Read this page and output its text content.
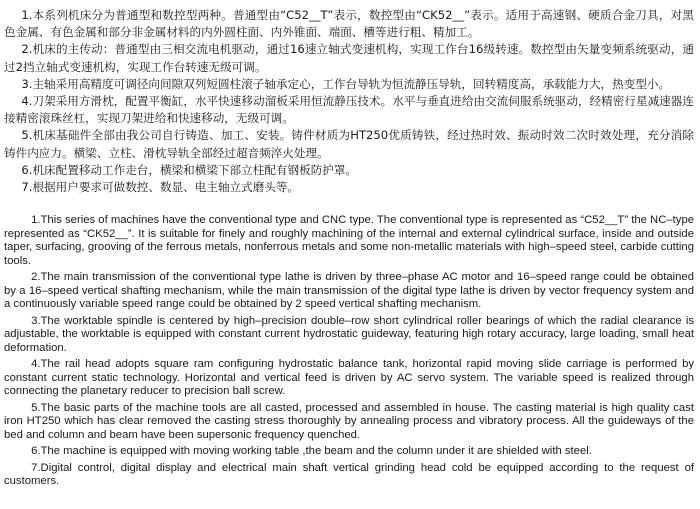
1.本系列机床分为普通型和数控型两种。普通型由“C52__T”表示，数控型由“CK52__”表示。适用于高速钢、硬质合金刀具，对黑色金属、有色金属和部分非金属材料的内外圆柱面、内外锥面、端面、槽等进行粗、精加工。

2.机床的主传动：普通型由三相交流电机驱动，通过16速立轴式变速机构，实现工作台16级转速。数控型由矢量变频系统驱动，通过2挡立轴式变速机构，实现工作台转速无级可调。

3.主轴采用高精度可调径向间隙双列短圆柱滚子轴承定心，工作台导轨为恒流静压导轨，回转精度高，承载能力大，热变型小。

4.刀架采用方滑枕，配置平衡缸，水平快速移动溜板采用恒流静压技术。水平与垂直进给由交流伺服系统驱动，经精密行星减速器连接精密滚珠丝杠，实现刀架进给和快速移动，无级可调。

5.机床基础件全部由我公司自行铸造、加工、安装。铸件材质为HT250优质铸铁，经过热时效、振动时效二次时效处理，充分消除铸件内应力。横梁、立柱、滑枕导轨全部经过超音频淬火处理。

6.机床配置移动工作走台，横梁和横梁下部立柱配有钢板防护罩。

7.根据用户要求可做数控、数显、电主轴立式磨头等。

1.This series of machines have the conventional type and CNC type. The conventional type is represented as “C52__T” the NC–type represented as “CK52__”. It is suitable for finely and roughly machining of the internal and external cylindrical surface, inside and outside taper, surfacing, grooving of the ferrous metals, nonferrous metals and some non-metallic materials with high–speed steel, carbide cutting tools.

2.The main transmission of the conventional type lathe is driven by three–phase AC motor and 16–speed range could be obtained by a 16–speed vertical shafting mechanism, while the main transmission of the digital type lathe is driven by vector frequency system and a continuously variable speed range could be obtained by 2 speed vertical shafting mechanism.

3.The worktable spindle is centered by high–precision double–row short cylindrical roller bearings of which the radial clearance is adjustable, the worktable is equipped with constant current hydrostatic guideway, featuring high rotary accuracy, large loading, small heat deformation.

4.The rail head adopts square ram configuring hydrostatic balance tank, horizontal rapid moving slide carriage is performed by constant current static technology. Horizontal and vertical feed is driven by AC servo system. The variable speed is realized through connecting the planetary reducer to precision ball screw.

5.The basic parts of the machine tools are all casted, processed and assembled in house. The casting material is high quality cast iron HT250 which has clear removed the casting stress thoroughly by annealing process and vibratory process. All the guideways of the bed and column and beam have been supersonic frequency quenched.

6.The machine is equipped with moving working table ,the beam and the column under it are shielded with steel.

7.Digital control, digital display and electrical main shaft vertical grinding head cold be equipped according to the request of customers.
